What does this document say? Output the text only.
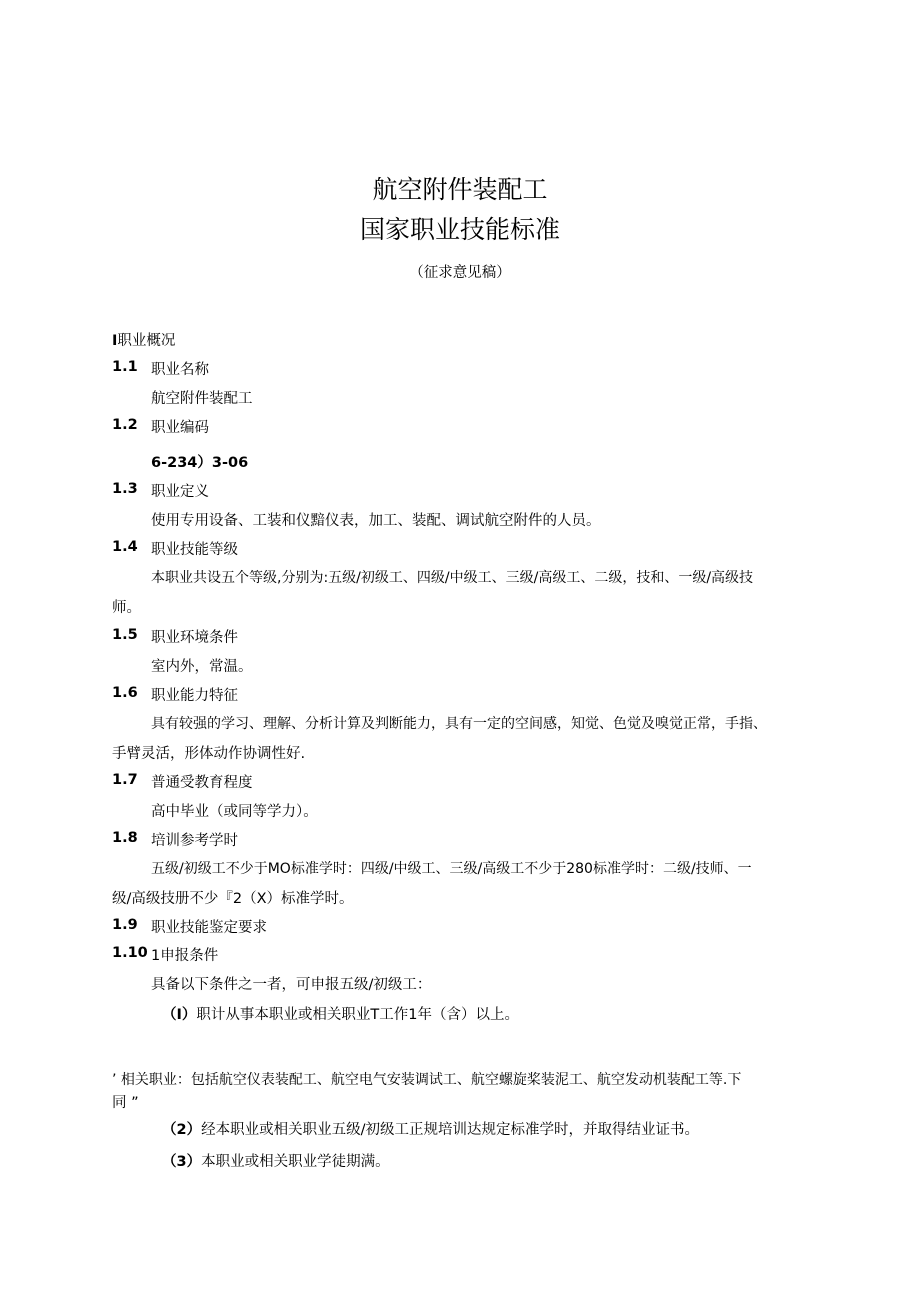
航空附件装配工
国家职业技能标准
（征求意见稿）
I职业概况
1.1 职业名称
航空附件装配工
1.2 职业编码
6-234）3-06
1.3 职业定义
使用专用设备、工装和仪黯仪表，加工、装配、调试航空附件的人员。
1.4 职业技能等级
本职业共设五个等级,分别为:五级/初级工、四级/中级工、三级/高级工、二级，技和、一级/高级技
师。
1.5 职业环境条件
室内外，常温。
1.6 职业能力特征
具有较强的学习、理解、分析计算及判断能力，具有一定的空间感，知觉、色觉及嗅觉正常，手指、
手臂灵活，形体动作协调性好.
1.7 普通受教育程度
高中毕业（或同等学力）。
1.8 培训参考学时
五级/初级工不少于MO标准学时：四级/中级工、三级/高级工不少于280标准学时：二级/技师、一
级/高级技册不少『2（X）标准学时。
1.9 职业技能鉴定要求
1.10 1申报条件
具备以下条件之一者，可申报五级/初级工：
（I）职计从事本职业或相关职业T工作1年（含）以上。
’ 相关职业：包括航空仪表装配工、航空电气安装调试工、航空螺旋桨装泥工、航空发动机装配工等.下
同 ”
（2）经本职业或相关职业五级/初级工正规培训达规定标准学时，并取得结业证书。
（3）本职业或相关职业学徒期满。
